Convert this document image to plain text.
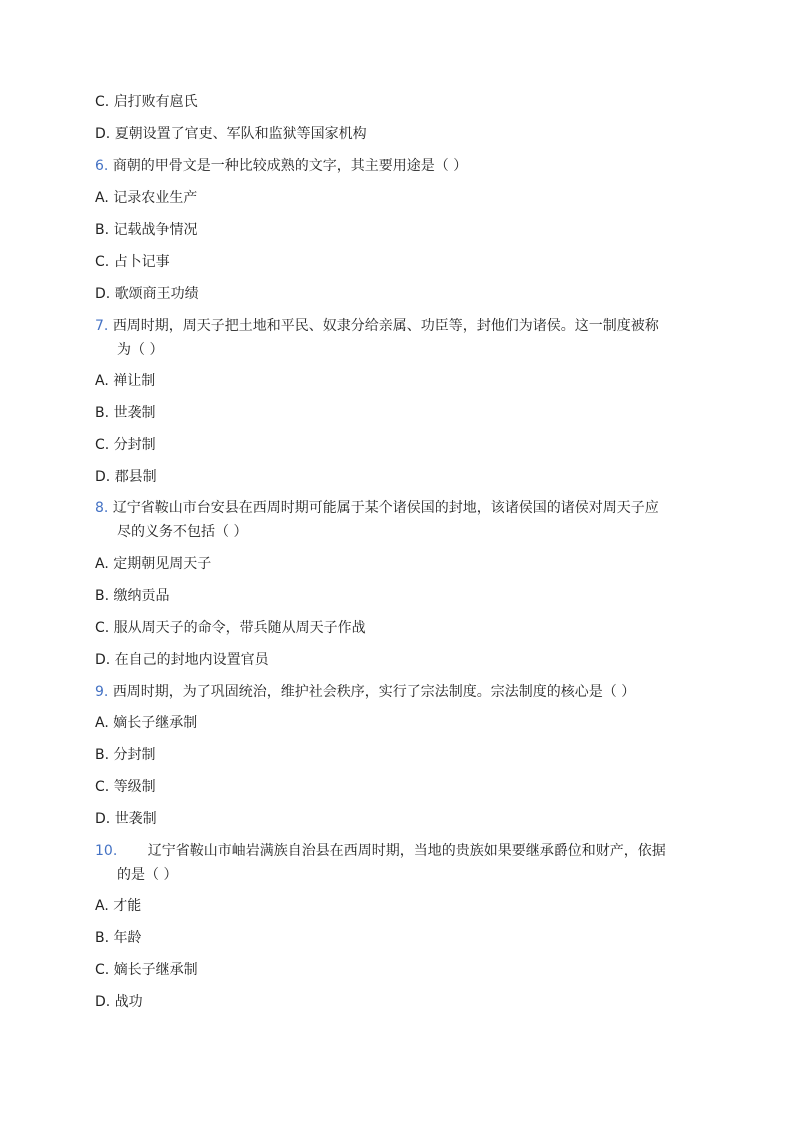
C. 启打败有扈氏
D. 夏朝设置了官吏、军队和监狱等国家机构
6. 商朝的甲骨文是一种比较成熟的文字，其主要用途是（ ）
A. 记录农业生产
B. 记载战争情况
C. 占卜记事
D. 歌颂商王功绩
7. 西周时期，周天子把土地和平民、奴隶分给亲属、功臣等，封他们为诸侯。这一制度被称
为（ ）
A. 禅让制
B. 世袭制
C. 分封制
D. 郡县制
8. 辽宁省鞍山市台安县在西周时期可能属于某个诸侯国的封地，该诸侯国的诸侯对周天子应
尽的义务不包括（ ）
A. 定期朝见周天子
B. 缴纳贡品
C. 服从周天子的命令，带兵随从周天子作战
D. 在自己的封地内设置官员
9. 西周时期，为了巩固统治，维护社会秩序，实行了宗法制度。宗法制度的核心是（ ）
A. 嫡长子继承制
B. 分封制
C. 等级制
D. 世袭制
10. 辽宁省鞍山市岫岩满族自治县在西周时期，当地的贵族如果要继承爵位和财产，依据
的是（ ）
A. 才能
B. 年龄
C. 嫡长子继承制
D. 战功
